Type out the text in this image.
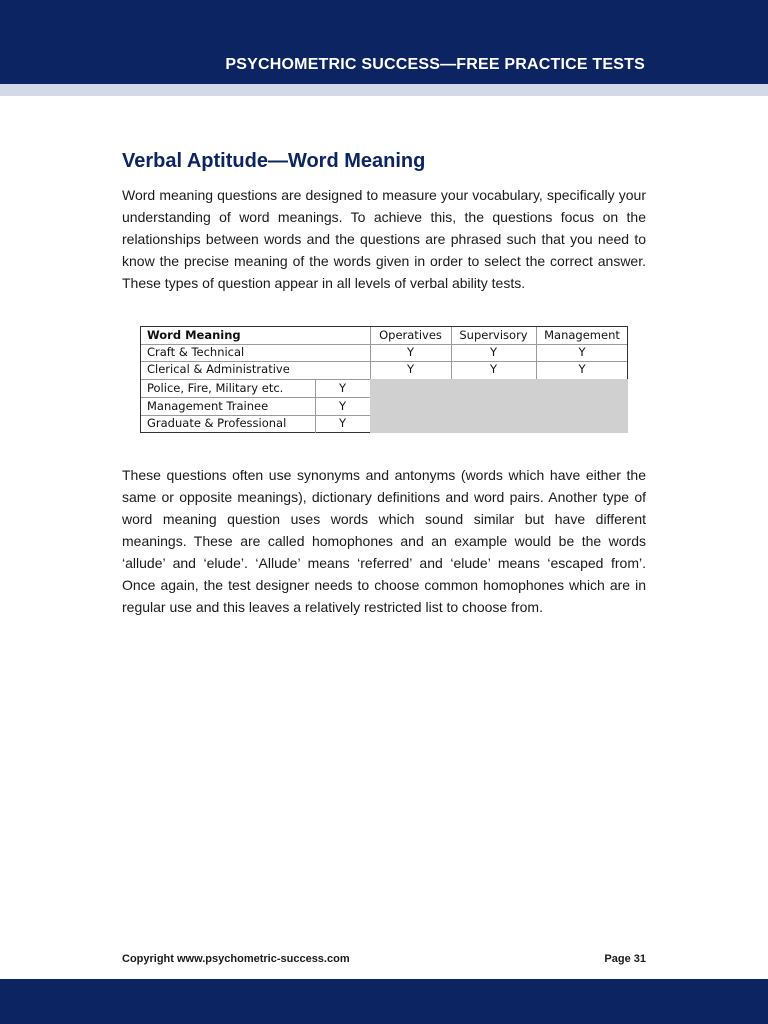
PSYCHOMETRIC SUCCESS—FREE PRACTICE TESTS
Verbal Aptitude—Word Meaning

Word meaning questions are designed to measure your vocabulary, specifically your understanding of word meanings. To achieve this, the questions focus on the relationships between words and the questions are phrased such that you need to know the precise meaning of the words given in order to select the correct answer. These types of question appear in all levels of verbal ability tests.

These questions often use synonyms and antonyms (words which have either the same or opposite meanings), dictionary definitions and word pairs. Another type of word meaning question uses words which sound similar but have different meanings. These are called homophones and an example would be the words ‘allude’ and ‘elude’. ‘Allude’ means ‘referred’ and ‘elude’ means ‘escaped from’. Once again, the test designer needs to choose common homophones which are in regular use and this leaves a relatively restricted list to choose from.

Word Meaning	Operatives	Supervisory	Management
Craft & Technical	Y	Y	Y
Clerical & Administrative	Y	Y	Y
Police, Fire, Military etc.	Y
Management Trainee	Y
Graduate & Professional	Y
Copyright www.psychometric-success.com	Page 31
